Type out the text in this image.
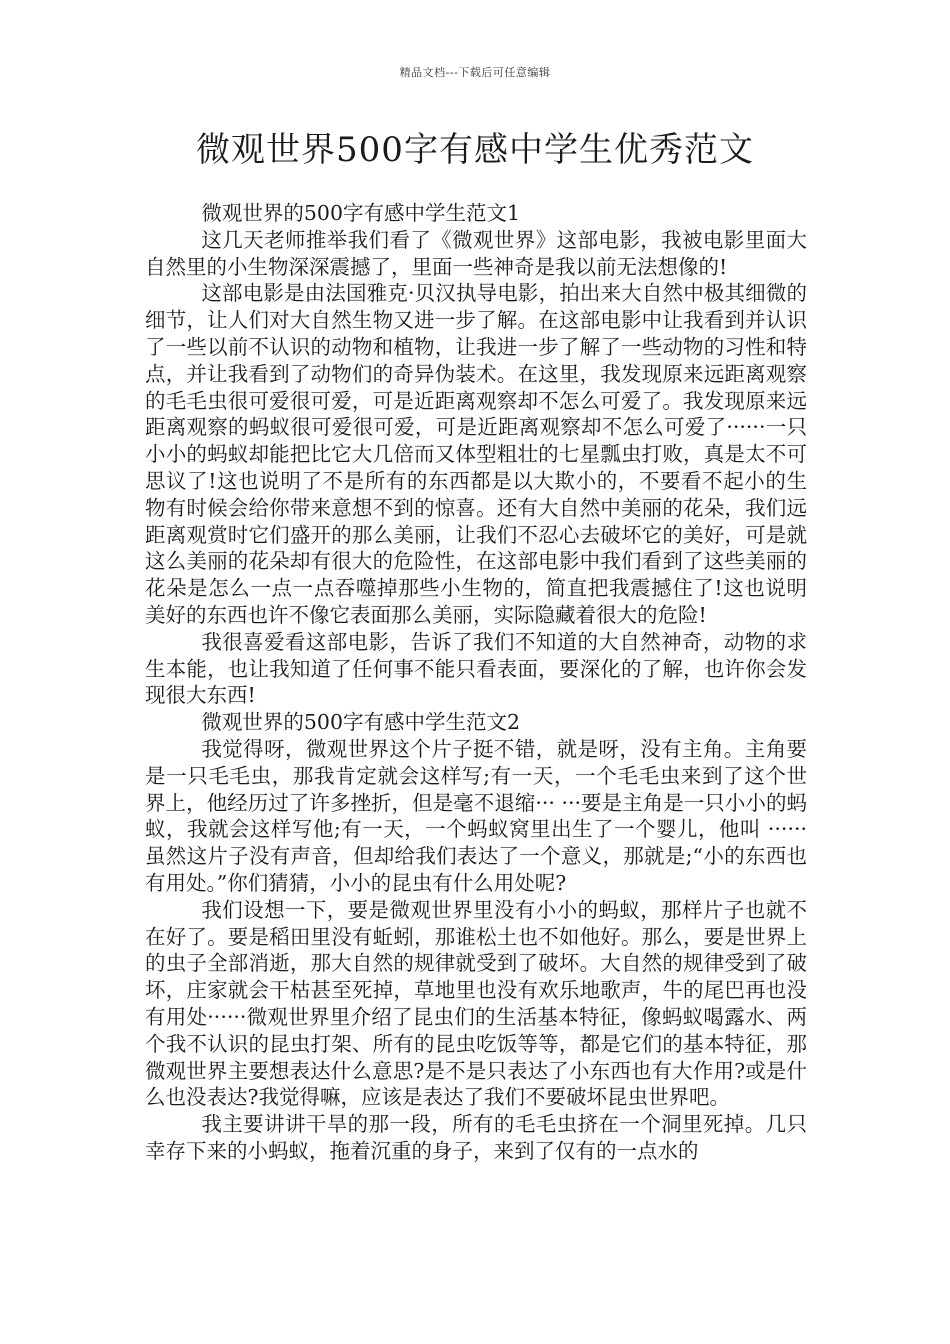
精品文档---下载后可任意编辑
微观世界500字有感中学生优秀范文

微观世界的500字有感中学生范文1

这几天老师推举我们看了《微观世界》这部电影，我被电影里面大自然里的小生物深深震撼了，里面一些神奇是我以前无法想像的!

这部电影是由法国雅克·贝汉执导电影，拍出来大自然中极其细微的细节，让人们对大自然生物又进一步了解。在这部电影中让我看到并认识了一些以前不认识的动物和植物，让我进一步了解了一些动物的习性和特点，并让我看到了动物们的奇异伪装术。在这里，我发现原来远距离观察的毛毛虫很可爱很可爱，可是近距离观察却不怎么可爱了。我发现原来远距离观察的蚂蚁很可爱很可爱，可是近距离观察却不怎么可爱了······一只小小的蚂蚁却能把比它大几倍而又体型粗壮的七星瓢虫打败，真是太不可思议了!这也说明了不是所有的东西都是以大欺小的，不要看不起小的生物有时候会给你带来意想不到的惊喜。还有大自然中美丽的花朵，我们远距离观赏时它们盛开的那么美丽，让我们不忍心去破坏它的美好，可是就这么美丽的花朵却有很大的危险性，在这部电影中我们看到了这些美丽的花朵是怎么一点一点吞噬掉那些小生物的，简直把我震撼住了!这也说明美好的东西也许不像它表面那么美丽，实际隐藏着很大的危险!

我很喜爱看这部电影，告诉了我们不知道的大自然神奇，动物的求生本能，也让我知道了任何事不能只看表面，要深化的了解，也许你会发现很大东西!

微观世界的500字有感中学生范文2

我觉得呀，微观世界这个片子挺不错，就是呀，没有主角。主角要是一只毛毛虫，那我肯定就会这样写;有一天，一个毛毛虫来到了这个世界上，他经历过了许多挫折，但是毫不退缩··· ···要是主角是一只小小的蚂蚁，我就会这样写他;有一天，一个蚂蚁窝里出生了一个婴儿，他叫 ······虽然这片子没有声音，但却给我们表达了一个意义，那就是;“小的东西也有用处。”你们猜猜，小小的昆虫有什么用处呢?

我们设想一下，要是微观世界里没有小小的蚂蚁，那样片子也就不在好了。要是稻田里没有蚯蚓，那谁松土也不如他好。那么，要是世界上的虫子全部消逝，那大自然的规律就受到了破坏。大自然的规律受到了破坏，庄家就会干枯甚至死掉，草地里也没有欢乐地歌声，牛的尾巴再也没有用处······微观世界里介绍了昆虫们的生活基本特征，像蚂蚁喝露水、两个我不认识的昆虫打架、所有的昆虫吃饭等等，都是它们的基本特征，那微观世界主要想表达什么意思?是不是只表达了小东西也有大作用?或是什么也没表达?我觉得嘛，应该是表达了我们不要破坏昆虫世界吧。

我主要讲讲干旱的那一段，所有的毛毛虫挤在一个洞里死掉。几只幸存下来的小蚂蚁，拖着沉重的身子，来到了仅有的一点水的
